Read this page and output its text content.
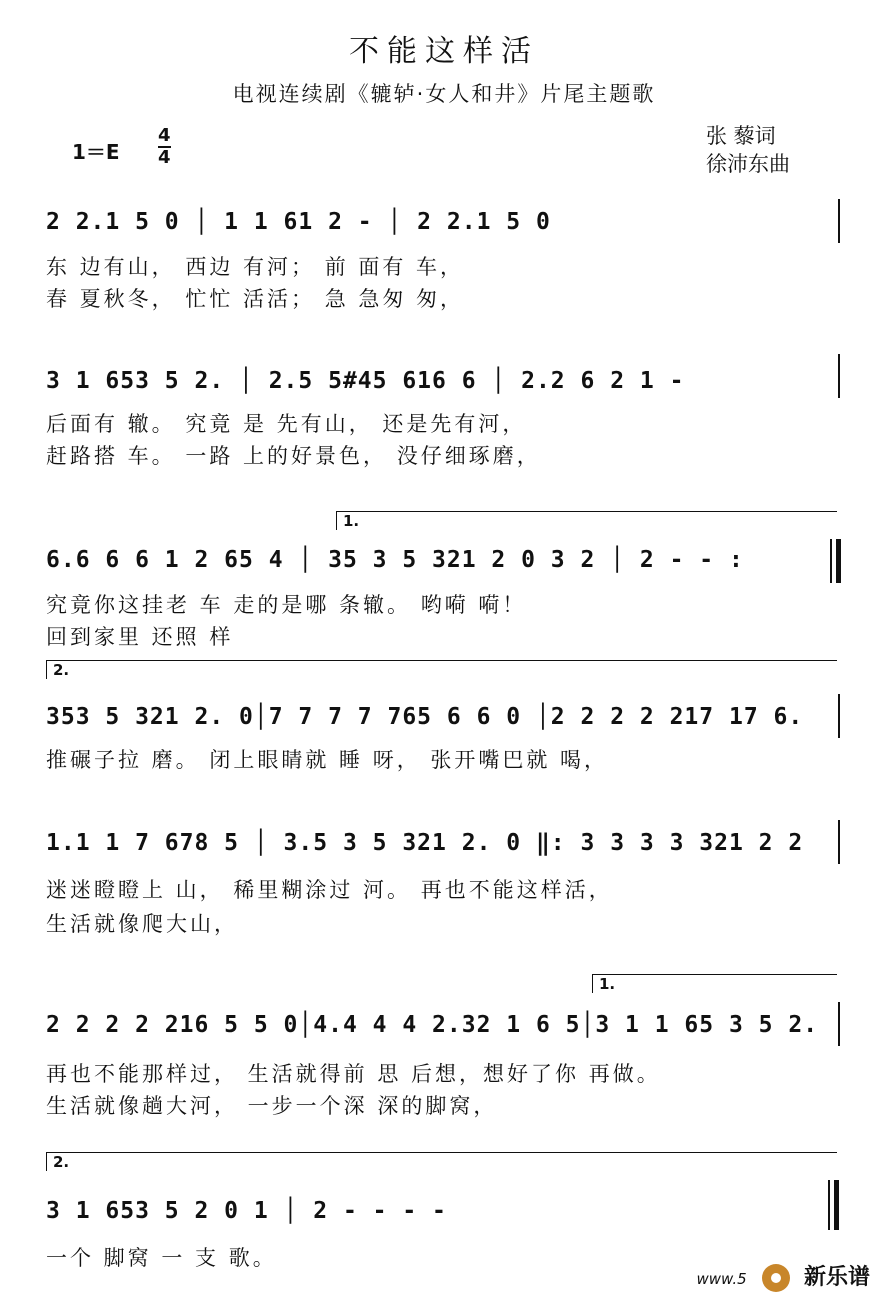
不能这样活
电视连续剧《辘轳·女人和井》片尾主题歌
$1=E \frac{4}{4}$	张 藜词
徐沛东曲
2 2.1 5 0 │ 1 1 61 2 - │ 2 2.1 5 0
东 边有山， 西边 有河； 前 面有 车，
春 夏秋冬， 忙忙 活活； 急 急匆 匆，
3 1 653 5 2. │ 2.5 5#45 616 6 │ 2.2 6 2 1 -
后面有 辙。 究竟 是 先有山， 还是先有河，
赶路搭 车。 一路 上的好景色， 没仔细琢磨，
1.
6.6 6 6 1 2 65 4 │ 35 3 5 321 2 0 3 2 │ 2 - - :
究竟你这挂老 车 走的是哪 条辙。 哟嗬 嗬！
回到家里 还照 样
2.
353 5 321 2. 0│7 7 7 7 765 6 6 0 │2 2 2 2 217 17 6.
推碾子拉 磨。 闭上眼睛就 睡 呀， 张开嘴巴就 喝，
1.1 1 7 678 5 │ 3.5 3 5 321 2. 0 ‖: 3 3 3 3 321 2 2
迷迷瞪瞪上 山， 稀里糊涂过 河。 再也不能这样活，
生活就像爬大山，
1.
2 2 2 2 216 5 5 0│4.4 4 4 2.32 1 6 5│3 1 1 65 3 5 2.
再也不能那样过， 生活就得前 思 后想，想好了你 再做。
生活就像趟大河， 一步一个深 深的脚窝，
2.
3 1 653 5 2 0 1 │ 2 - - - -
一个 脚窝 一 支 歌。
www.5	新乐谱
